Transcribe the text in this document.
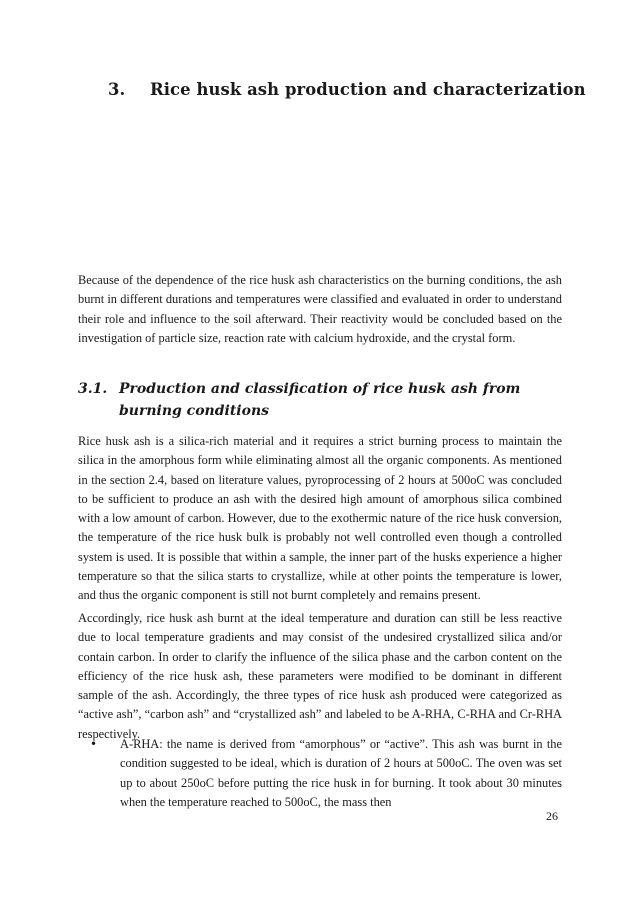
3. Rice husk ash production and characterization

Because of the dependence of the rice husk ash characteristics on the burning conditions, the ash burnt in different durations and temperatures were classified and evaluated in order to understand their role and influence to the soil afterward. Their reactivity would be concluded based on the investigation of particle size, reaction rate with calcium hydroxide, and the crystal form.

3.1. Production and classification of rice husk ash from burning conditions

Rice husk ash is a silica-rich material and it requires a strict burning process to maintain the silica in the amorphous form while eliminating almost all the organic components. As mentioned in the section 2.4, based on literature values, pyroprocessing of 2 hours at 500oC was concluded to be sufficient to produce an ash with the desired high amount of amorphous silica combined with a low amount of carbon. However, due to the exothermic nature of the rice husk conversion, the temperature of the rice husk bulk is probably not well controlled even though a controlled system is used. It is possible that within a sample, the inner part of the husks experience a higher temperature so that the silica starts to crystallize, while at other points the temperature is lower, and thus the organic component is still not burnt completely and remains present.

Accordingly, rice husk ash burnt at the ideal temperature and duration can still be less reactive due to local temperature gradients and may consist of the undesired crystallized silica and/or contain carbon. In order to clarify the influence of the silica phase and the carbon content on the efficiency of the rice husk ash, these parameters were modified to be dominant in different sample of the ash. Accordingly, the three types of rice husk ash produced were categorized as “active ash”, “carbon ash” and “crystallized ash” and labeled to be A-RHA, C-RHA and Cr-RHA respectively.

• A-RHA: the name is derived from “amorphous” or “active”. This ash was burnt in the condition suggested to be ideal, which is duration of 2 hours at 500oC. The oven was set up to about 250oC before putting the rice husk in for burning. It took about 30 minutes when the temperature reached to 500oC, the mass then

26
